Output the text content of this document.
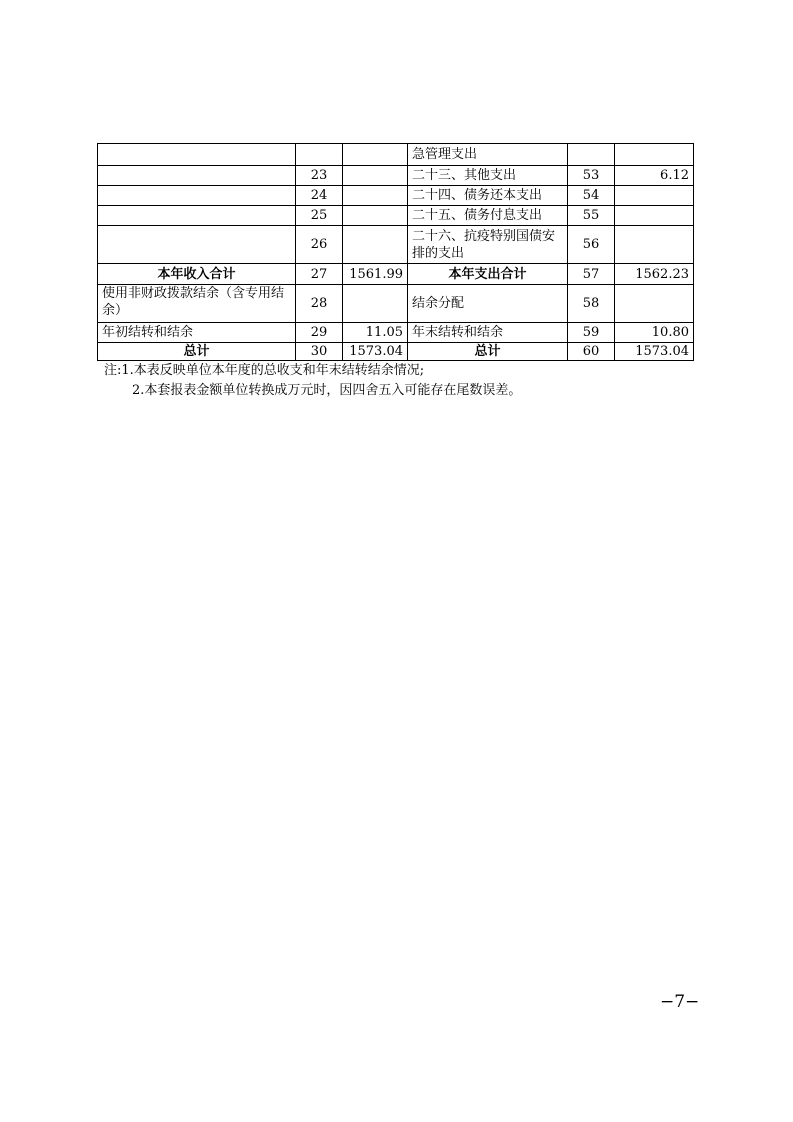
			急管理支出		
	23		二十三、其他支出	53	6.12
	24		二十四、债务还本支出	54	
	25		二十五、债务付息支出	55	
	26		二十六、抗疫特别国债安排的支出	56	
本年收入合计	27	1561.99	本年支出合计	57	1562.23
使用非财政拨款结余（含专用结余）	28		结余分配	58	
年初结转和结余	29	11.05	年末结转和结余	59	10.80
总计	30	1573.04	总计	60	1573.04
注:1.本表反映单位本年度的总收支和年末结转结余情况;
2.本套报表金额单位转换成万元时，因四舍五入可能存在尾数误差。
−7−
